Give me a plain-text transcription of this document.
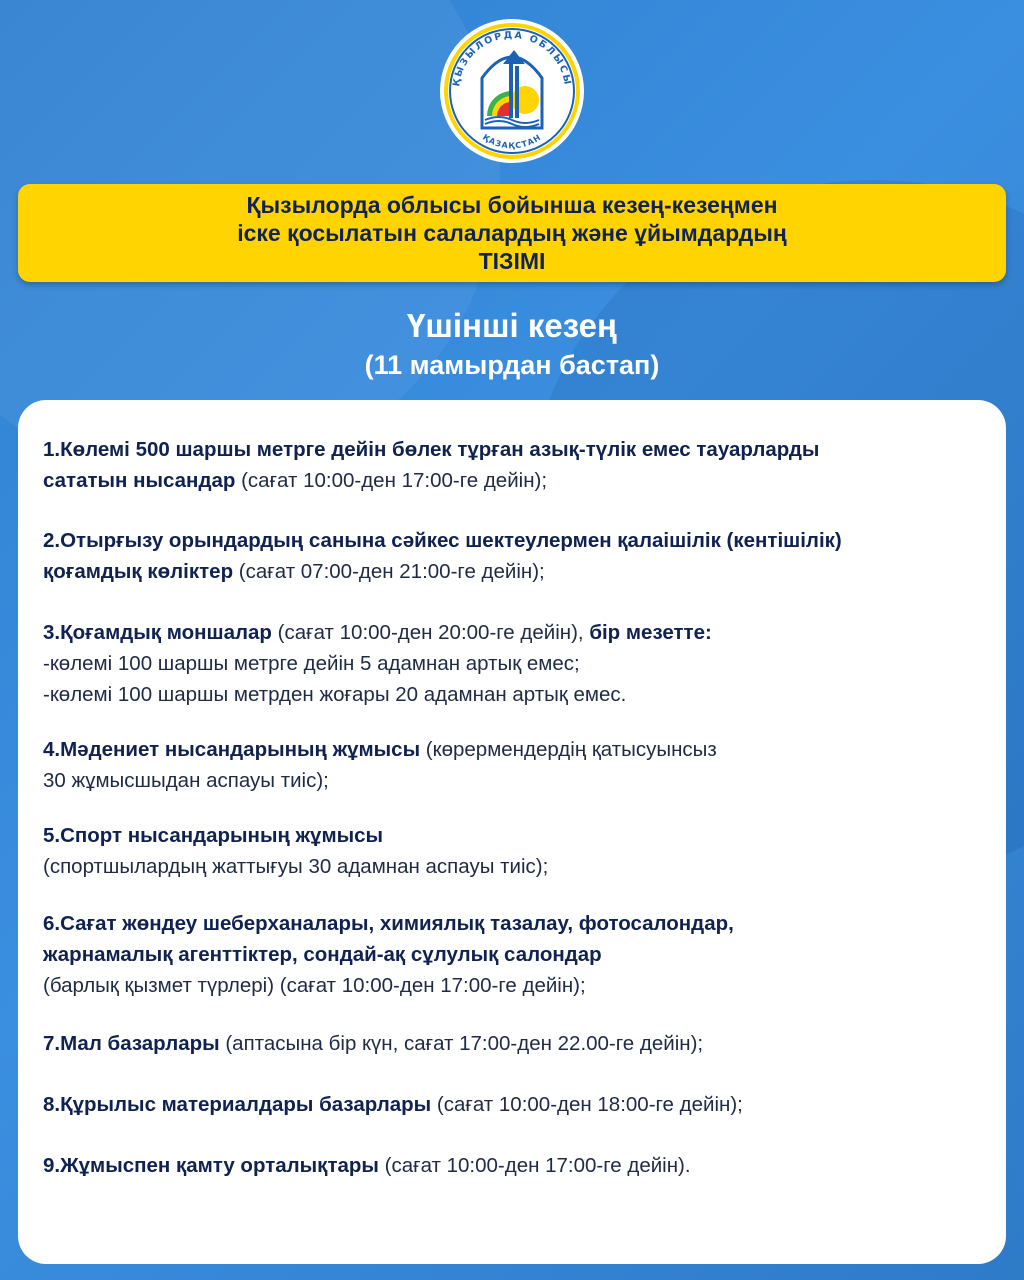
ҚЫЗЫЛОРДА ОБЛЫСЫ
ҚАЗАҚСТАН
Қызылорда облысы бойынша кезең-кезеңмен
іске қосылатын салалардың және ұйымдардың
ТІЗІМІ
Үшінші кезең
(11 мамырдан бастап)
1.Көлемі 500 шаршы метрге дейін бөлек тұрған азық-түлік емес тауарларды
сататын нысандар (сағат 10:00-ден 17:00-ге дейін);
2.Отырғызу орындардың санына сәйкес шектеулермен қалаішілік (кентішілік)
қоғамдық көліктер (сағат 07:00-ден 21:00-ге дейін);
3.Қоғамдық моншалар (сағат 10:00-ден 20:00-ге дейін), бір мезетте:
-көлемі 100 шаршы метрге дейін 5 адамнан артық емес;
-көлемі 100 шаршы метрден жоғары 20 адамнан артық емес.
4.Мәдениет нысандарының жұмысы (көрермендердің қатысуынсыз
30 жұмысшыдан аспауы тиіс);
5.Спорт нысандарының жұмысы
(спортшылардың жаттығуы 30 адамнан аспауы тиіс);
6.Сағат жөндеу шеберханалары, химиялық тазалау, фотосалондар,
жарнамалық агенттіктер, сондай-ақ сұлулық салондар
(барлық қызмет түрлері) (сағат 10:00-ден 17:00-ге дейін);
7.Мал базарлары (аптасына бір күн, сағат 17:00-ден 22.00-ге дейін);
8.Құрылыс материалдары базарлары (сағат 10:00-ден 18:00-ге дейін);
9.Жұмыспен қамту орталықтары (сағат 10:00-ден 17:00-ге дейін).
